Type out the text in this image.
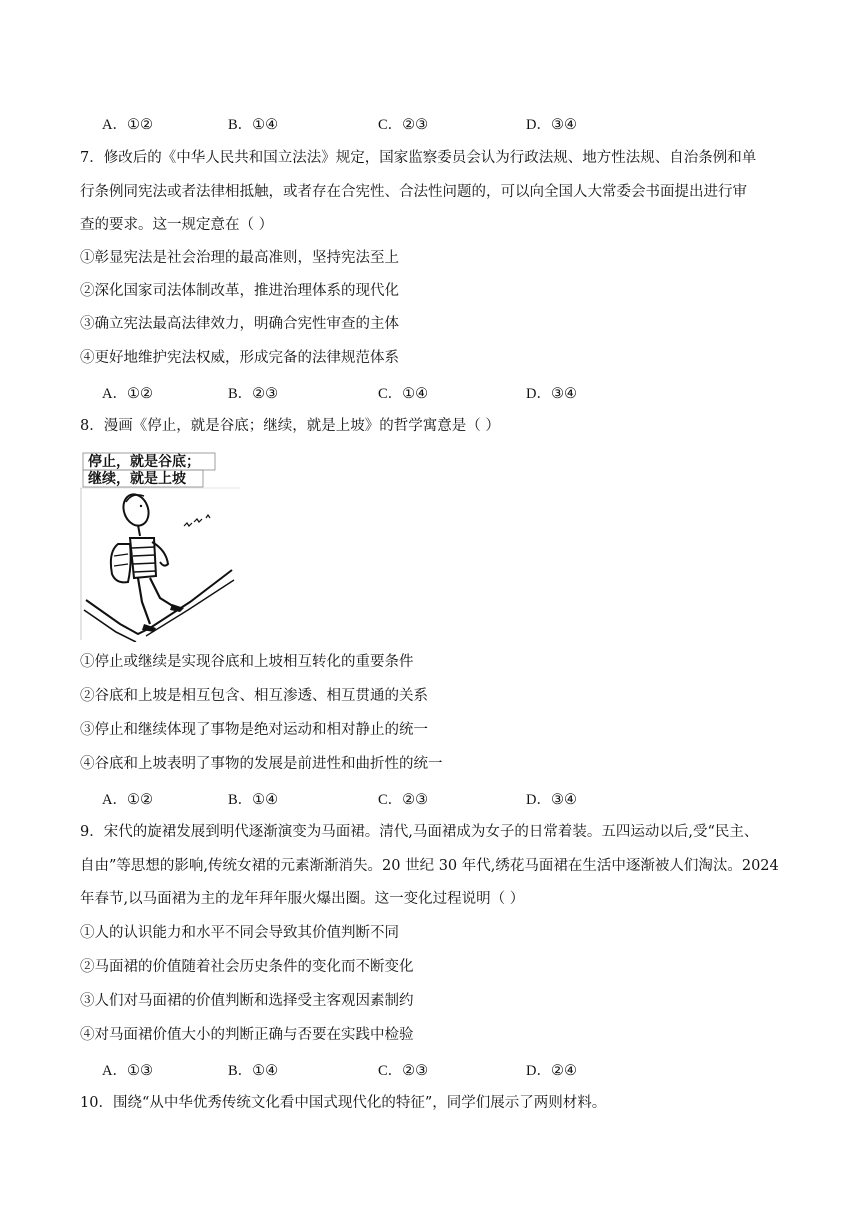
A．①②	B．①④	C．②③	D．③④
7．修改后的《中华人民共和国立法法》规定，国家监察委员会认为行政法规、地方性法规、自治条例和单
行条例同宪法或者法律相抵触，或者存在合宪性、合法性问题的，可以向全国人大常委会书面提出进行审
查的要求。这一规定意在（ ）
①彰显宪法是社会治理的最高准则，坚持宪法至上
②深化国家司法体制改革，推进治理体系的现代化
③确立宪法最高法律效力，明确合宪性审查的主体
④更好地维护宪法权威，形成完备的法律规范体系
A．①②	B．②③	C．①④	D．③④
8．漫画《停止，就是谷底；继续，就是上坡》的哲学寓意是（ ）
停止，就是谷底；
继续，就是上坡
①停止或继续是实现谷底和上坡相互转化的重要条件
②谷底和上坡是相互包含、相互渗透、相互贯通的关系
③停止和继续体现了事物是绝对运动和相对静止的统一
④谷底和上坡表明了事物的发展是前进性和曲折性的统一
A．①②	B．①④	C．②③	D．③④
9．宋代的旋裙发展到明代逐渐演变为马面裙。清代,马面裙成为女子的日常着装。五四运动以后,受“民主、
自由”等思想的影响,传统女裙的元素渐渐消失。20 世纪 30 年代,绣花马面裙在生活中逐渐被人们淘汰。2024
年春节,以马面裙为主的龙年拜年服火爆出圈。这一变化过程说明（ ）
①人的认识能力和水平不同会导致其价值判断不同
②马面裙的价值随着社会历史条件的变化而不断变化
③人们对马面裙的价值判断和选择受主客观因素制约
④对马面裙价值大小的判断正确与否要在实践中检验
A．①③	B．①④	C．②③	D．②④
10．围绕“从中华优秀传统文化看中国式现代化的特征”，同学们展示了两则材料。
